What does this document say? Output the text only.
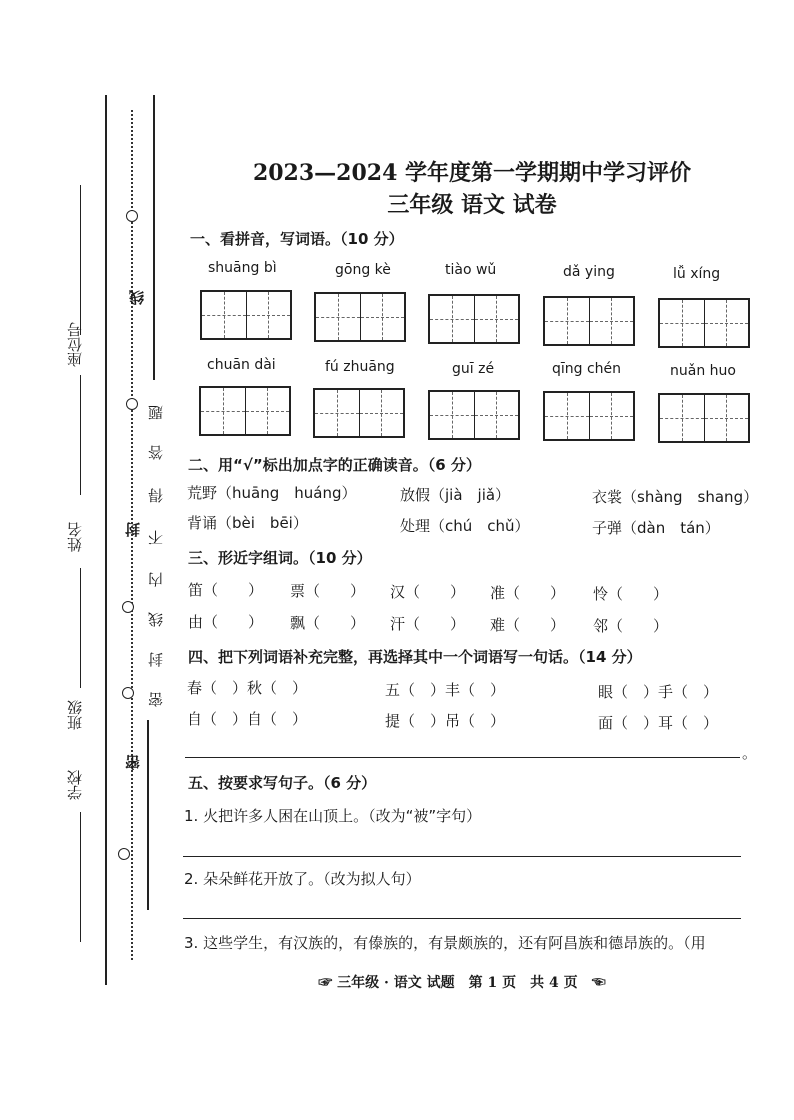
密
封
线
题
答
得
不
内
线
封
密
座位号
姓名
班级
学校
2023—2024 学年度第一学期期中学习评价
三年级 语文 试卷
一、看拼音，写词语。（10 分）
shuāng bì	gōng kè	tiào wǔ	dǎ ying	lǚ xíng
chuān dài	fú zhuāng	guī zé	qīng chén	nuǎn huo
二、用“√”标出加点字的正确读音。（6 分）
荒野（huāng　huáng）	放假（jià　jiǎ）	衣裳（shàng　shang）
背诵（bèi　bēi）	处理（chú　chǔ）	子弹（dàn　tán）
三、形近字组词。（10 分）
笛（　　） 票（　　） 汉（　　） 准（　　） 怜（　　）
由（　　） 飘（　　） 汗（　　） 难（　　） 邻（　　）
四、把下列词语补充完整，再选择其中一个词语写一句话。（14 分）
春（　）秋（　）	五（　）丰（　）	眼（　）手（　）
自（　）自（　）	提（　）吊（　）	面（　）耳（　）
。
五、按要求写句子。（6 分）
1. 火把许多人困在山顶上。（改为“被”字句）
2. 朵朵鲜花开放了。（改为拟人句）
3. 这些学生，有汉族的，有傣族的，有景颇族的，还有阿昌族和德昂族的。（用
☞ 三年级 · 语文 试题　第 1 页　共 4 页　☜
